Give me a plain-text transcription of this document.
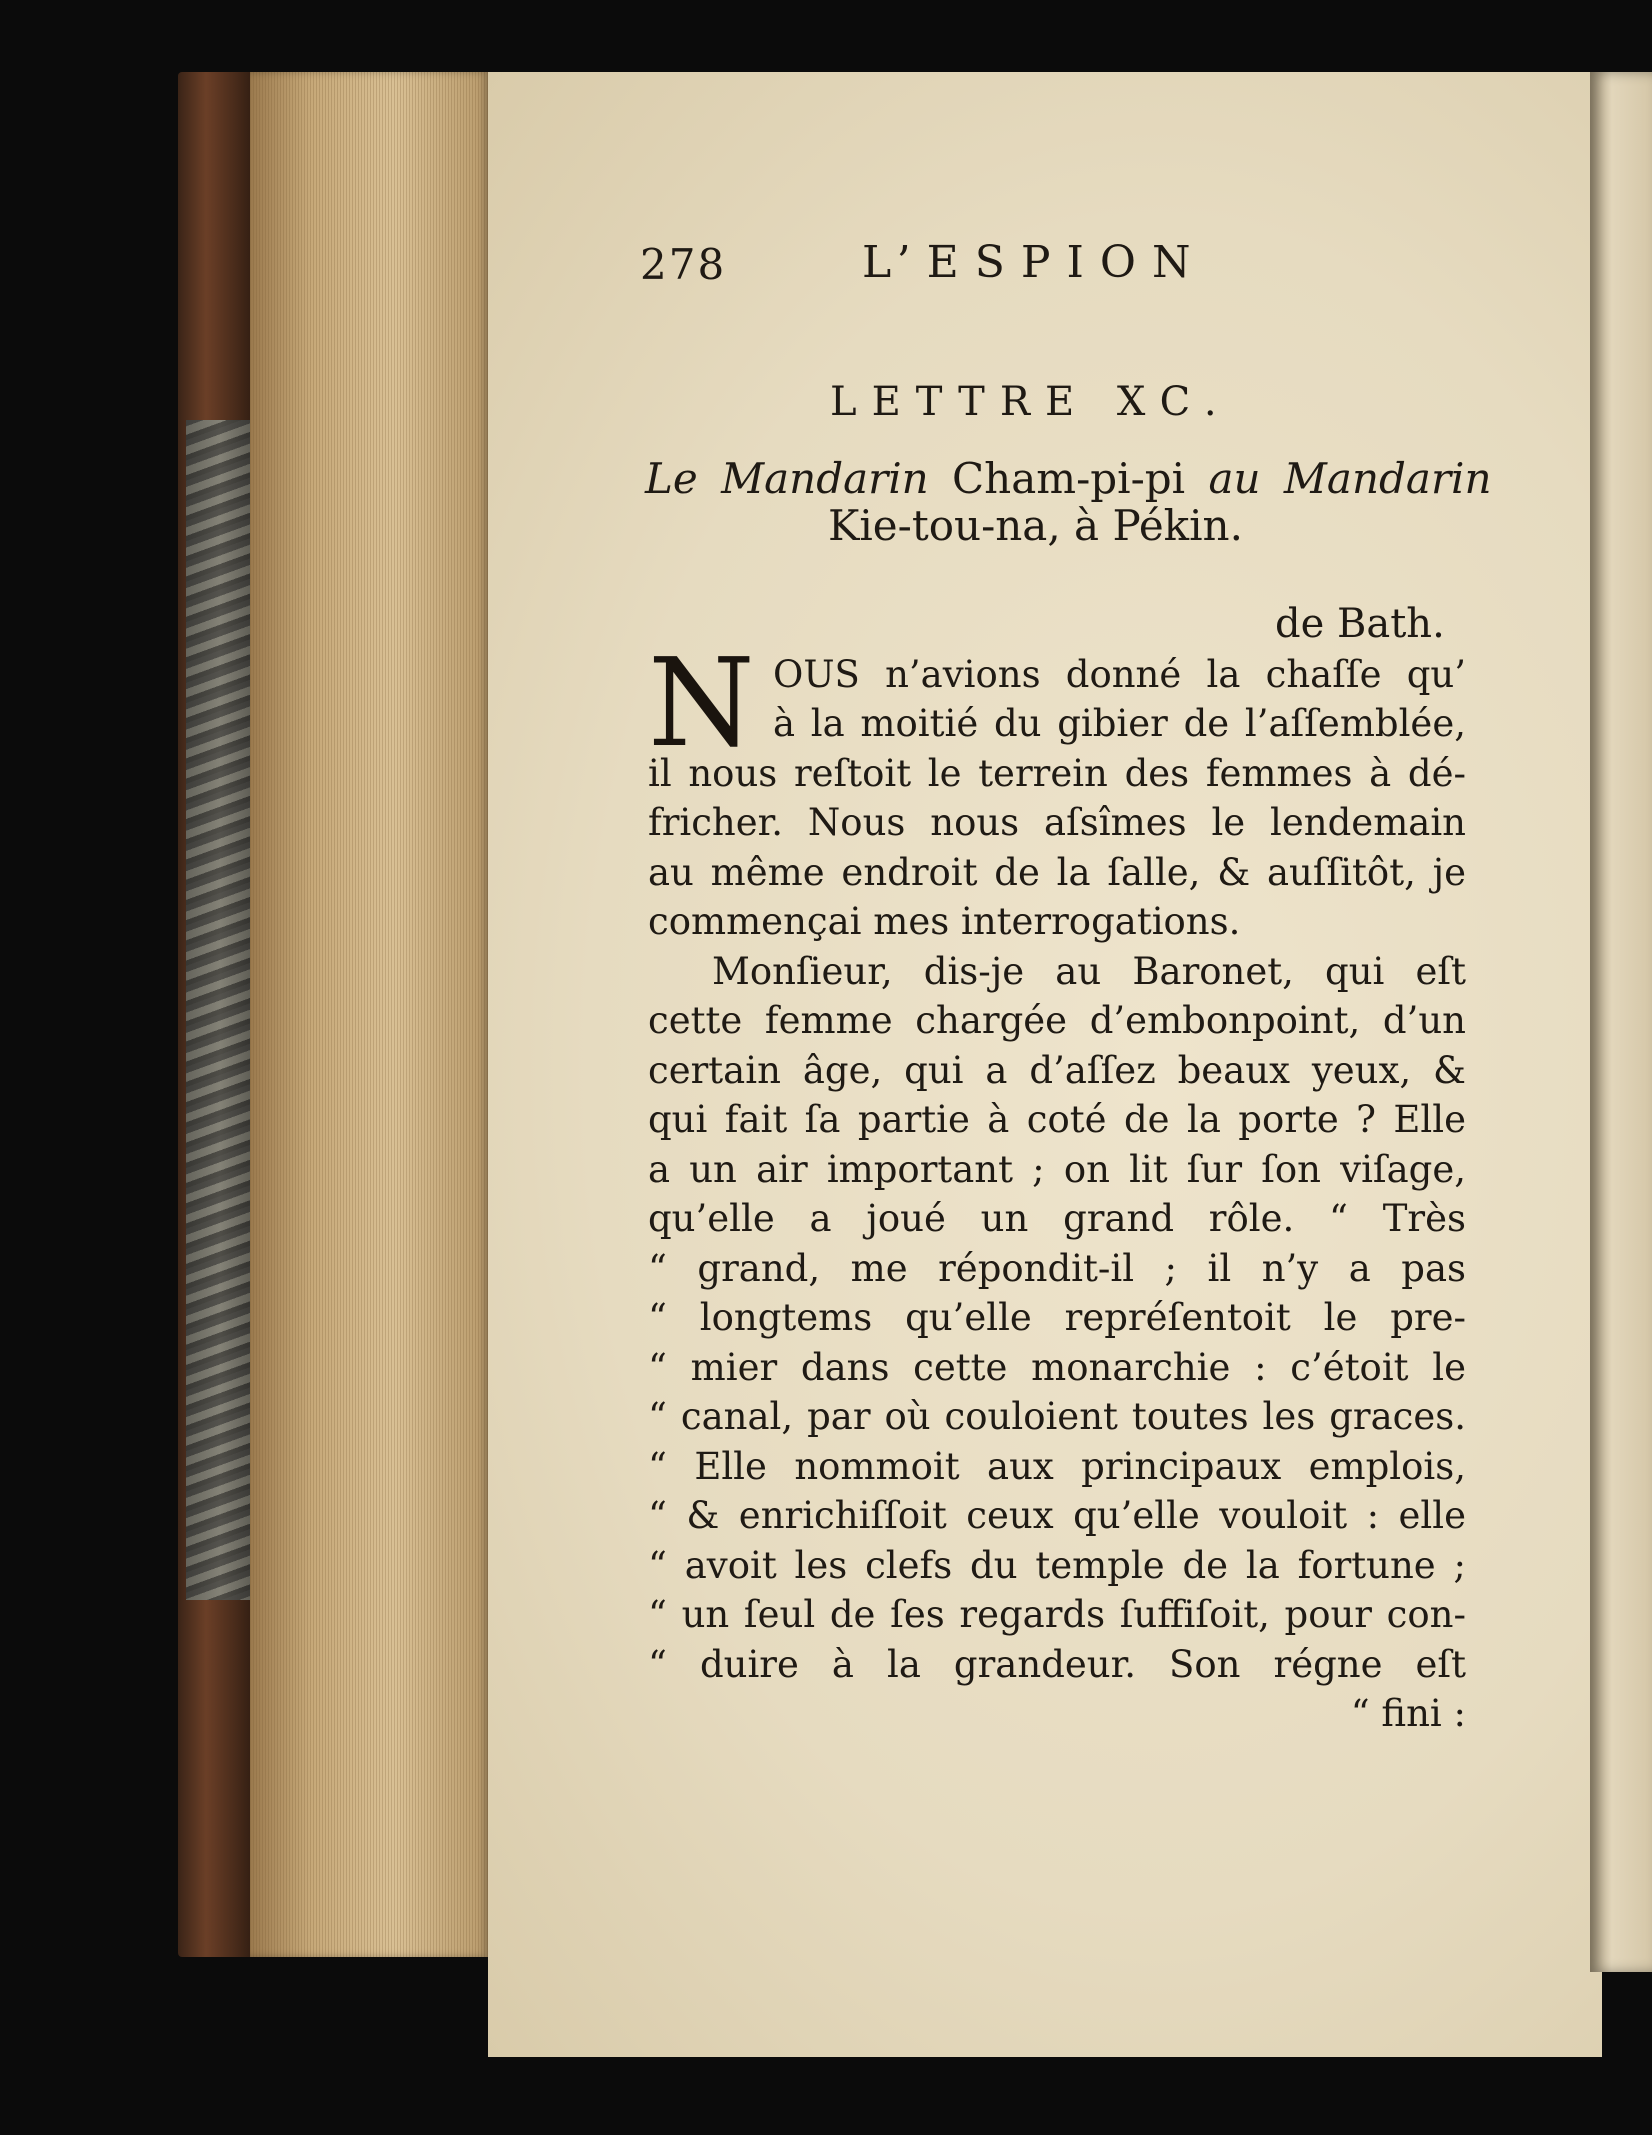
278	L’ESPION
LETTRE XC.
Le Mandarin Cham-pi-pi au Mandarin
Kie-tou-na, à Pékin.
de Bath.
N OUS n’avions donné la chaſſe qu’
à la moitié du gibier de l’aſſemblée,
il nous reſtoit le terrein des femmes à dé-
fricher. Nous nous aſsîmes le lendemain
au même endroit de la ſalle, & auſſitôt, je
commençai mes interrogations.
Monſieur, dis-je au Baronet, qui eſt
cette femme chargée d’embonpoint, d’un
certain âge, qui a d’aſſez beaux yeux, &
qui fait ſa partie à coté de la porte ? Elle
a un air important ; on lit ſur ſon viſage,
qu’elle a joué un grand rôle. “ Très
“ grand, me répondit-il ; il n’y a pas
“ longtems qu’elle repréſentoit le pre-
“ mier dans cette monarchie : c’étoit le
“ canal, par où couloient toutes les graces.
“ Elle nommoit aux principaux emplois,
“ & enrichiſſoit ceux qu’elle vouloit : elle
“ avoit les clefs du temple de la fortune ;
“ un ſeul de ſes regards ſuffiſoit, pour con-
“ duire à la grandeur. Son régne eſt
“ fini :
